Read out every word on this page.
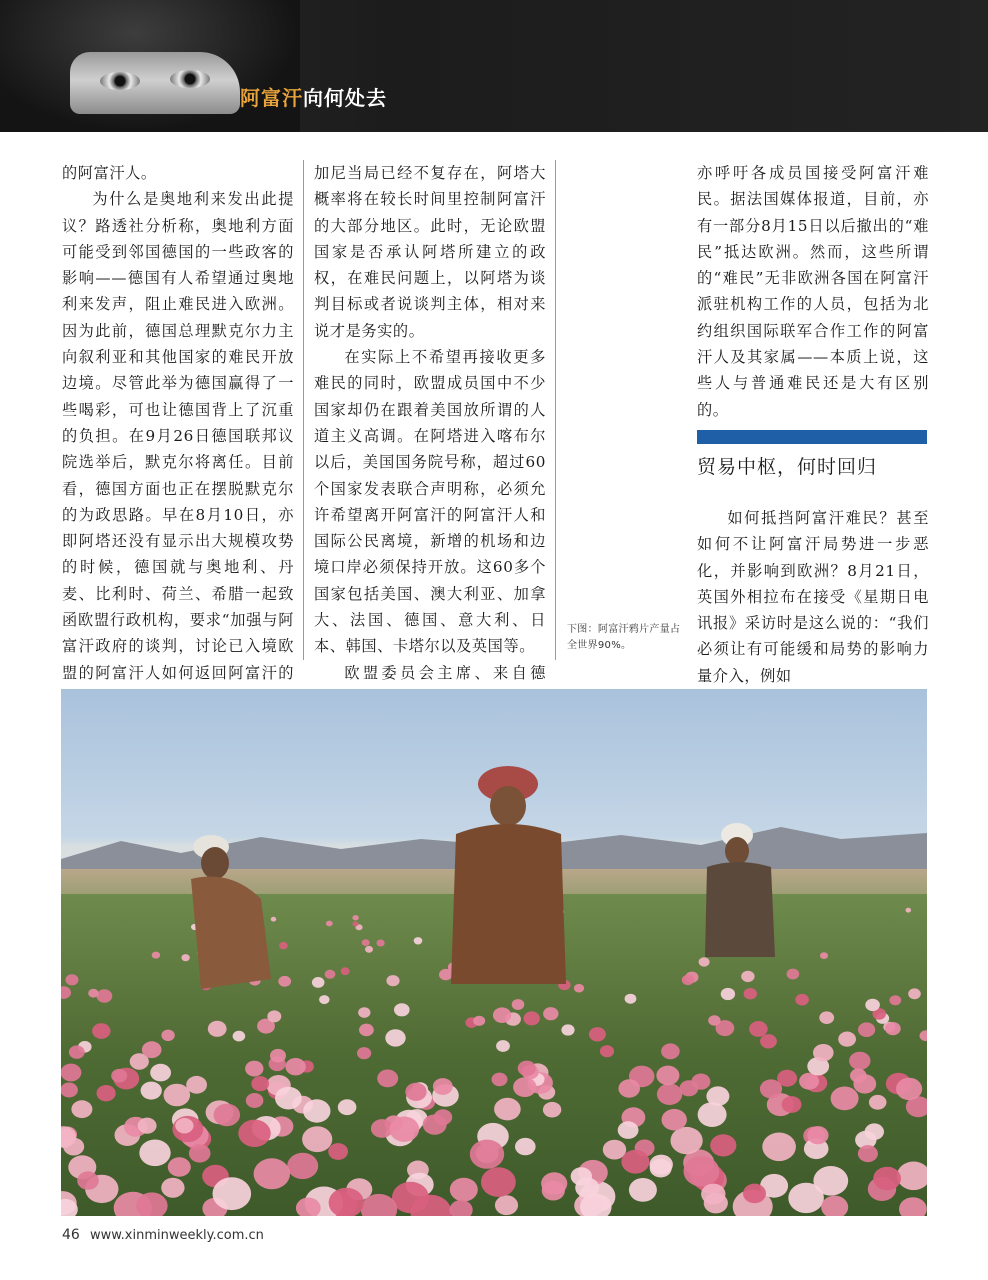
阿富汗向何处去

的阿富汗人。

为什么是奥地利来发出此提议？路透社分析称，奥地利方面可能受到邻国德国的一些政客的影响——德国有人希望通过奥地利来发声，阻止难民进入欧洲。因为此前，德国总理默克尔力主向叙利亚和其他国家的难民开放边境。尽管此举为德国赢得了一些喝彩，可也让德国背上了沉重的负担。在9月26日德国联邦议院选举后，默克尔将离任。目前看，德国方面也正在摆脱默克尔的为政思路。早在8月10日，亦即阿塔还没有显示出大规模攻势的时候，德国就与奥地利、丹麦、比利时、荷兰、希腊一起致函欧盟行政机构，要求“加强与阿富汗政府的谈判，讨论已入境欧盟的阿富汗人如何返回阿富汗的

加尼当局已经不复存在，阿塔大概率将在较长时间里控制阿富汗的大部分地区。此时，无论欧盟国家是否承认阿塔所建立的政权，在难民问题上，以阿塔为谈判目标或者说谈判主体，相对来说才是务实的。

在实际上不希望再接收更多难民的同时，欧盟成员国中不少国家却仍在跟着美国放所谓的人道主义高调。在阿塔进入喀布尔以后，美国国务院号称，超过60个国家发表联合声明称，必须允许希望离开阿富汗的阿富汗人和国际公民离境，新增的机场和边境口岸必须保持开放。这60多个国家包括美国、澳大利亚、加拿大、法国、德国、意大利、日本、韩国、卡塔尔以及英国等。

欧盟委员会主席、来自德

下图：阿富汗鸦片产量占全世界90%。

亦呼吁各成员国接受阿富汗难民。据法国媒体报道，目前，亦有一部分8月15日以后撤出的“难民”抵达欧洲。然而，这些所谓的“难民”无非欧洲各国在阿富汗派驻机构工作的人员，包括为北约组织国际联军合作工作的阿富汗人及其家属——本质上说，这些人与普通难民还是大有区别的。

贸易中枢，何时回归

如何抵挡阿富汗难民？甚至如何不让阿富汗局势进一步恶化，并影响到欧洲？8月21日，英国外相拉布在接受《星期日电讯报》采访时是这么说的：“我们必须让有可能缓和局势的影响力量介入，例如

46 www.xinminweekly.com.cn
